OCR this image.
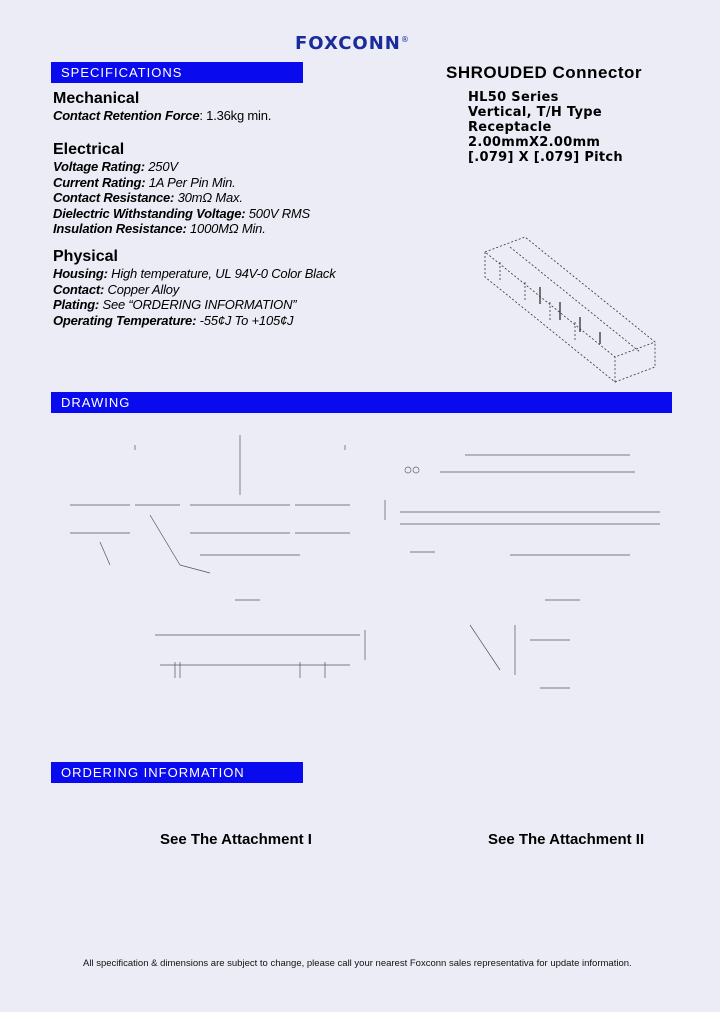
FOXCONN®
SPECIFICATIONS	SHROUDED Connector
HL50 Series
Vertical, T/H Type
Receptacle
2.00mmX2.00mm
[.079] X [.079] Pitch
Mechanical
Contact Retention Force: 1.36kg min.
Electrical
Voltage Rating: 250V
Current Rating: 1A Per Pin Min.
Contact Resistance: 30mΩ Max.
Dielectric Withstanding Voltage: 500V RMS
Insulation Resistance: 1000MΩ Min.
Physical
Housing: High temperature, UL 94V-0 Color Black
Contact: Copper Alloy
Plating: See “ORDERING INFORMATION”
Operating Temperature: -55¢J To +105¢J
DRAWING
ORDERING INFORMATION
See The Attachment I	See The Attachment II
All specification & dimensions are subject to change, please call your nearest Foxconn sales representativa for update information.
